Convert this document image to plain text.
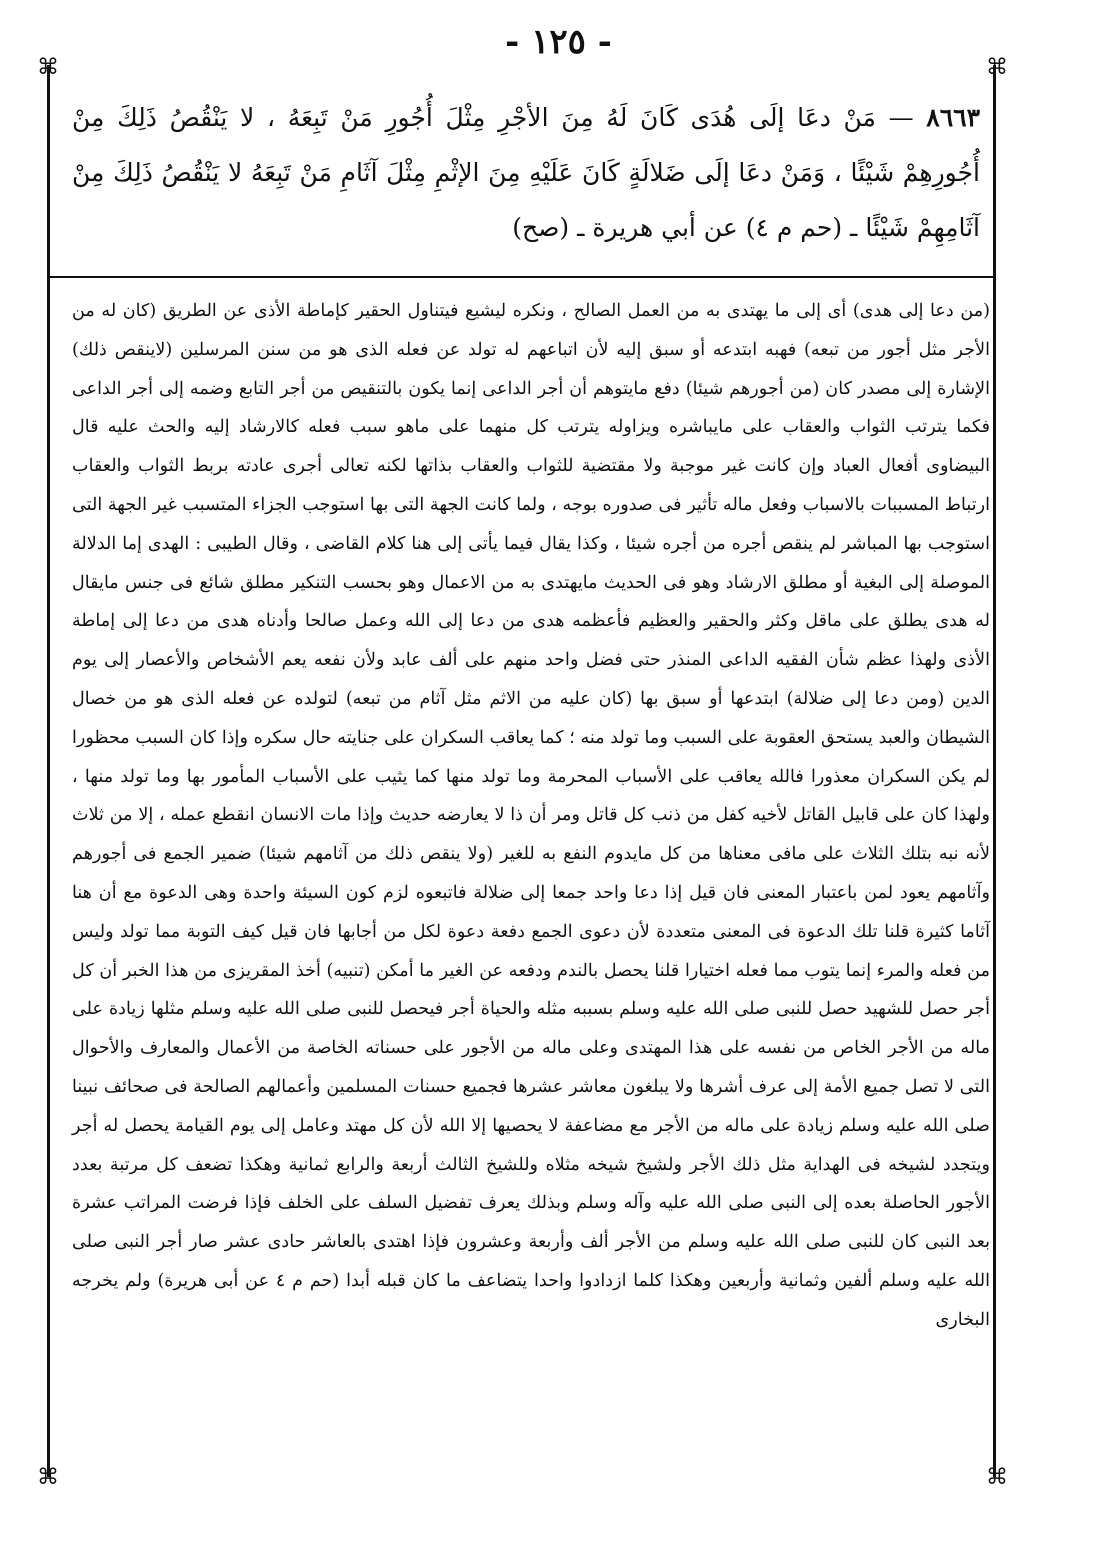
- ١٢٥ -
⌘	⌘
⌘	⌘
٨٦٦٣ — مَنْ دعَا إلَى هُدَى كَانَ لَهُ مِنَ الأجْرِ مِثْلَ أُجُورِ مَنْ تَبِعَهُ ، لا يَنْقُصُ ذَلِكَ مِنْ أُجُورِهِمْ شَيْئًا ، وَمَنْ دعَا إلَى ضَلالَةٍ كَانَ عَلَيْهِ مِنَ الإثْمِ مِثْلَ آثَامِ مَنْ تَبِعَهُ لا يَنْقُصُ ذَلِكَ مِنْ آثَامِهِمْ شَيْئًا ـ (حم م ٤) عن أبي هريرة ـ (صح)

(من دعا إلى هدى) أى إلى ما يهتدى به من العمل الصالح ، ونكره ليشيع فيتناول الحقير كإماطة الأذى عن الطريق (كان له من الأجر مثل أجور من تبعه) فهبه ابتدعه أو سبق إليه لأن اتباعهم له تولد عن فعله الذى هو من سنن المرسلين (لاينقص ذلك) الإشارة إلى مصدر كان (من أجورهم شيئا) دفع مايتوهم أن أجر الداعى إنما يكون بالتنقيص من أجر التابع وضمه إلى أجر الداعى فكما يترتب الثواب والعقاب على مايباشره ويزاوله يترتب كل منهما على ماهو سبب فعله كالارشاد إليه والحث عليه قال البيضاوى أفعال العباد وإن كانت غير موجبة ولا مقتضية للثواب والعقاب بذاتها لكنه تعالى أجرى عادته بربط الثواب والعقاب ارتباط المسببات بالاسباب وفعل ماله تأثير فى صدوره بوجه ، ولما كانت الجهة التى بها استوجب الجزاء المتسبب غير الجهة التى استوجب بها المباشر لم ينقص أجره من أجره شيئا ، وكذا يقال فيما يأتى إلى هنا كلام القاضى ، وقال الطيبى : الهدى إما الدلالة الموصلة إلى البغية أو مطلق الارشاد وهو فى الحديث مايهتدى به من الاعمال وهو بحسب التنكير مطلق شائع فى جنس مايقال له هدى يطلق على ماقل وكثر والحقير والعظيم فأعظمه هدى من دعا إلى الله وعمل صالحا وأدناه هدى من دعا إلى إماطة الأذى ولهذا عظم شأن الفقيه الداعى المنذر حتى فضل واحد منهم على ألف عابد ولأن نفعه يعم الأشخاص والأعصار إلى يوم الدين (ومن دعا إلى ضلالة) ابتدعها أو سبق بها (كان عليه من الاثم مثل آثام من تبعه) لتولده عن فعله الذى هو من خصال الشيطان والعبد يستحق العقوبة على السبب وما تولد منه ؛ كما يعاقب السكران على جنايته حال سكره وإذا كان السبب محظورا لم يكن السكران معذورا فالله يعاقب على الأسباب المحرمة وما تولد منها كما يثيب على الأسباب المأمور بها وما تولد منها ، ولهذا كان على قابيل القاتل لأخيه كفل من ذنب كل قاتل ومر أن ذا لا يعارضه حديث وإذا مات الانسان انقطع عمله ، إلا من ثلاث لأنه نبه بتلك الثلاث على مافى معناها من كل مايدوم النفع به للغير (ولا ينقص ذلك من آثامهم شيئا) ضمير الجمع فى أجورهم وآثامهم يعود لمن باعتبار المعنى فان قيل إذا دعا واحد جمعا إلى ضلالة فاتبعوه لزم كون السيئة واحدة وهى الدعوة مع أن هنا آثاما كثيرة قلنا تلك الدعوة فى المعنى متعددة لأن دعوى الجمع دفعة دعوة لكل من أجابها فان قيل كيف التوبة مما تولد وليس من فعله والمرء إنما يتوب مما فعله اختيارا قلنا يحصل بالندم ودفعه عن الغير ما أمكن (تنبيه) أخذ المقريزى من هذا الخبر أن كل أجر حصل للشهيد حصل للنبى صلى الله عليه وسلم بسببه مثله والحياة أجر فيحصل للنبى صلى الله عليه وسلم مثلها زيادة على ماله من الأجر الخاص من نفسه على هذا المهتدى وعلى ماله من الأجور على حسناته الخاصة من الأعمال والمعارف والأحوال التى لا تصل جميع الأمة إلى عرف أشرها ولا يبلغون معاشر عشرها فجميع حسنات المسلمين وأعمالهم الصالحة فى صحائف نبينا صلى الله عليه وسلم زيادة على ماله من الأجر مع مضاعفة لا يحصيها إلا الله لأن كل مهتد وعامل إلى يوم القيامة يحصل له أجر ويتجدد لشيخه فى الهداية مثل ذلك الأجر ولشيخ شيخه مثلاه وللشيخ الثالث أربعة والرابع ثمانية وهكذا تضعف كل مرتبة بعدد الأجور الحاصلة بعده إلى النبى صلى الله عليه وآله وسلم وبذلك يعرف تفضيل السلف على الخلف فإذا فرضت المراتب عشرة بعد النبى كان للنبى صلى الله عليه وسلم من الأجر ألف وأربعة وعشرون فإذا اهتدى بالعاشر حادى عشر صار أجر النبى صلى الله عليه وسلم ألفين وثمانية وأربعين وهكذا كلما ازدادوا واحدا يتضاعف ما كان قبله أبدا (حم م ٤ عن أبى هريرة) ولم يخرجه البخارى
